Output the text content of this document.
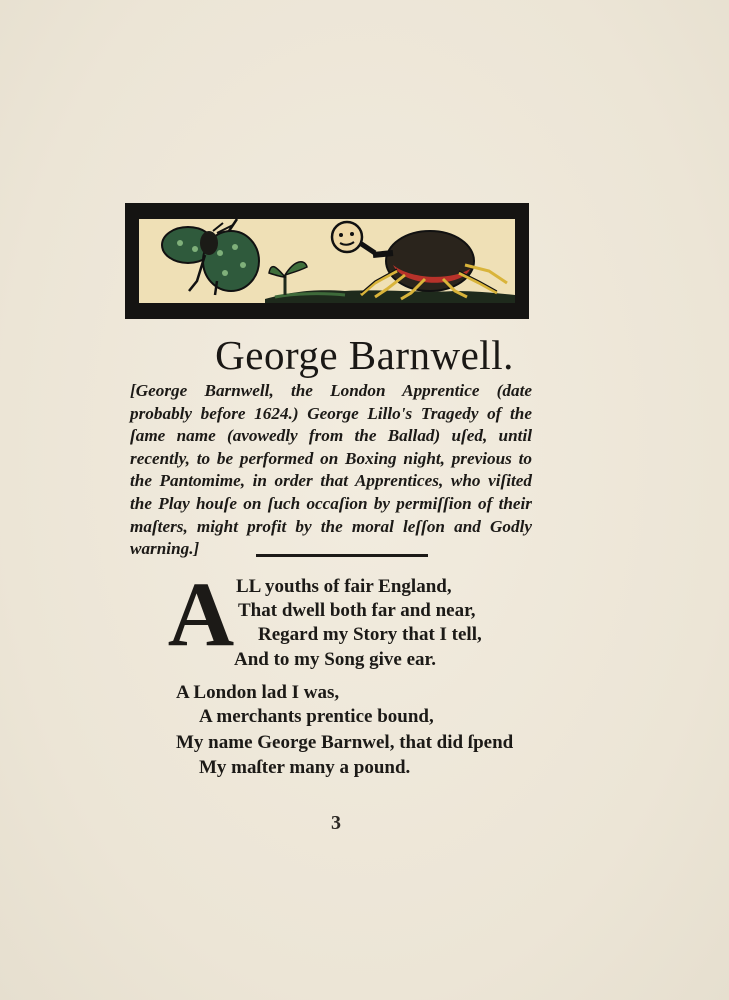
George Barnwell.
[George Barnwell, the London Apprentice (date probably before 1624.) George Lillo's Tragedy of the ſame name (avowedly from the Ballad) uſed, until recently, to be performed on Boxing night, previous to the Pantomime, in order that Apprentices, who viſited the Play houſe on ſuch occaſion by permiſſion of their maſters, might profit by the moral leſſon and Godly warning.]
A LL youths of fair England,
That dwell both far and near,
Regard my Story that I tell,
And to my Song give ear.
A London lad I was,
A merchants prentice bound,
My name George Barnwel, that did ſpend
My maſter many a pound.
3
